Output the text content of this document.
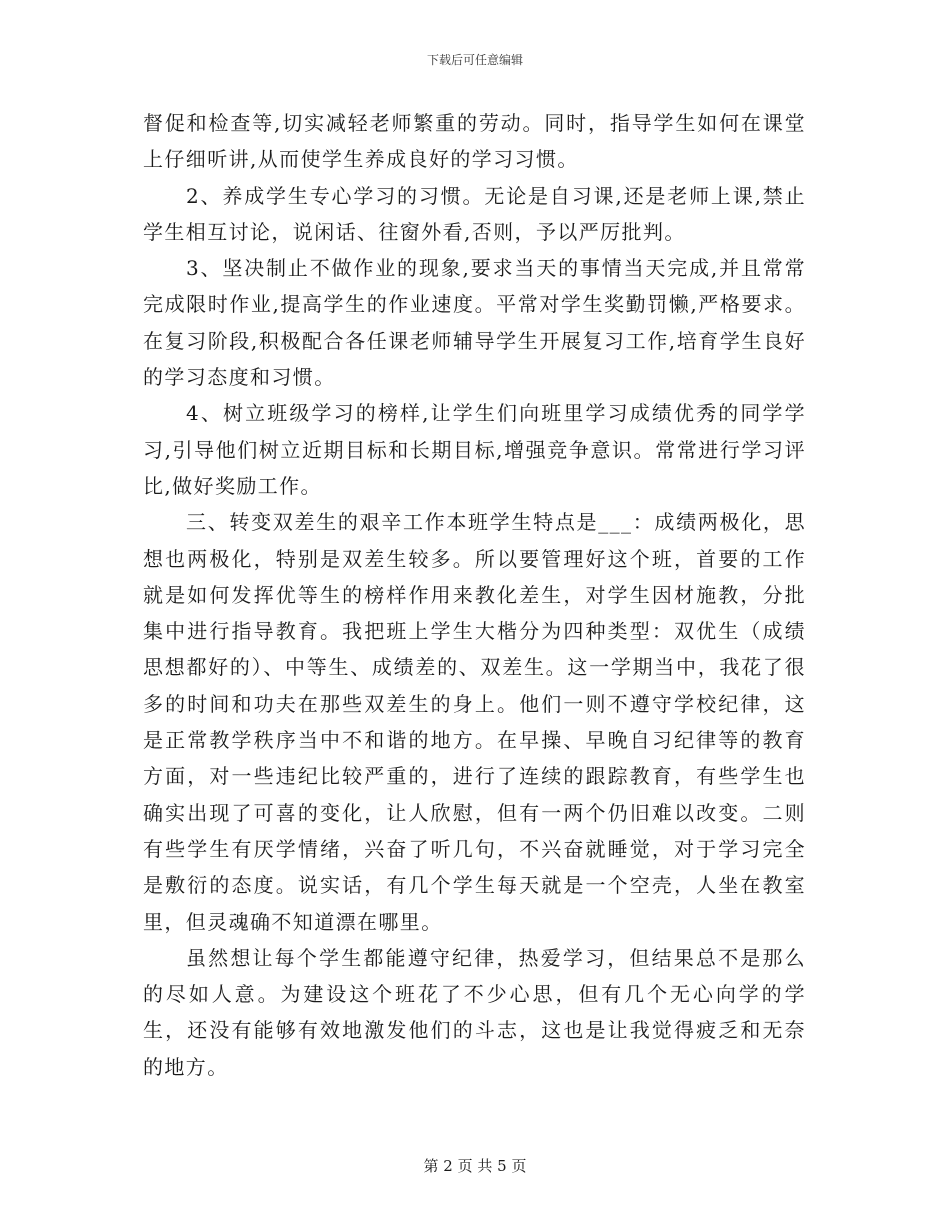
下载后可任意编辑

督促和检查等,切实减轻老师繁重的劳动。同时，指导学生如何在课堂上仔细听讲,从而使学生养成良好的学习习惯。

2、养成学生专心学习的习惯。无论是自习课,还是老师上课,禁止学生相互讨论，说闲话、往窗外看,否则，予以严厉批判。

3、坚决制止不做作业的现象,要求当天的事情当天完成,并且常常完成限时作业,提高学生的作业速度。平常对学生奖勤罚懒,严格要求。在复习阶段,积极配合各任课老师辅导学生开展复习工作,培育学生良好的学习态度和习惯。

4、树立班级学习的榜样,让学生们向班里学习成绩优秀的同学学习,引导他们树立近期目标和长期目标,增强竞争意识。常常进行学习评比,做好奖励工作。

三、转变双差生的艰辛工作本班学生特点是___：成绩两极化，思想也两极化，特别是双差生较多。所以要管理好这个班，首要的工作就是如何发挥优等生的榜样作用来教化差生，对学生因材施教，分批集中进行指导教育。我把班上学生大楷分为四种类型：双优生（成绩思想都好的）、中等生、成绩差的、双差生。这一学期当中，我花了很多的时间和功夫在那些双差生的身上。他们一则不遵守学校纪律，这是正常教学秩序当中不和谐的地方。在早操、早晚自习纪律等的教育方面，对一些违纪比较严重的，进行了连续的跟踪教育，有些学生也确实出现了可喜的变化，让人欣慰，但有一两个仍旧难以改变。二则有些学生有厌学情绪，兴奋了听几句，不兴奋就睡觉，对于学习完全是敷衍的态度。说实话，有几个学生每天就是一个空壳，人坐在教室里，但灵魂确不知道漂在哪里。

虽然想让每个学生都能遵守纪律，热爱学习，但结果总不是那么的尽如人意。为建设这个班花了不少心思，但有几个无心向学的学生，还没有能够有效地激发他们的斗志，这也是让我觉得疲乏和无奈的地方。

第 2 页 共 5 页
